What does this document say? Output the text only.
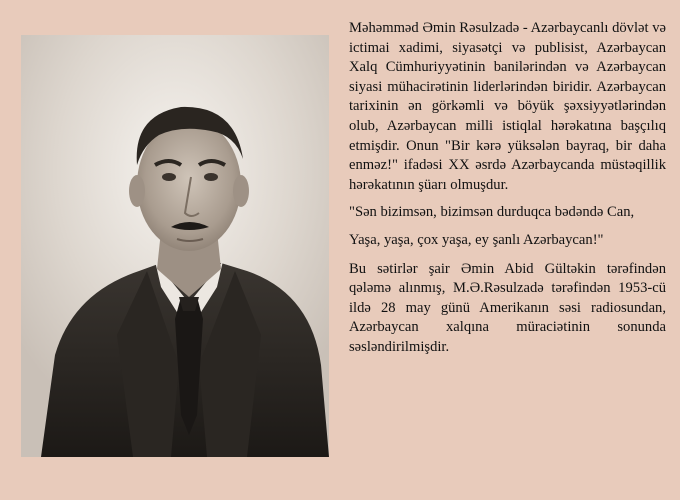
Məhəmməd Əmin Rəsulzadə - Azərbaycanlı dövlət və ictimai xadimi, siyasətçi və publisist, Azərbaycan Xalq Cümhuriyyətinin banilərindən və Azərbaycan siyasi mühacirətinin liderlərindən biridir. Azərbaycan tarixinin ən görkəmli və böyük şəxsiyyətlərindən olub, Azərbaycan milli istiqlal hərəkatına başçılıq etmişdir. Onun "Bir kərə yüksələn bayraq, bir daha enməz!" ifadəsi XX əsrdə Azərbaycanda müstəqillik hərəkatının şüarı olmuşdur.

"Sən bizimsən, bizimsən durduqca bədəndə Can,

Yaşa, yaşa, çox yaşa, ey şanlı Azərbaycan!"

Bu sətirlər şair Əmin Abid Gültəkin tərəfindən qələmə alınmış, M.Ə.Rəsulzadə tərəfindən 1953-cü ildə 28 may günü Amerikanın səsi radiosundan, Azərbaycan xalqına müraciətinin sonunda səsləndirilmişdir.
